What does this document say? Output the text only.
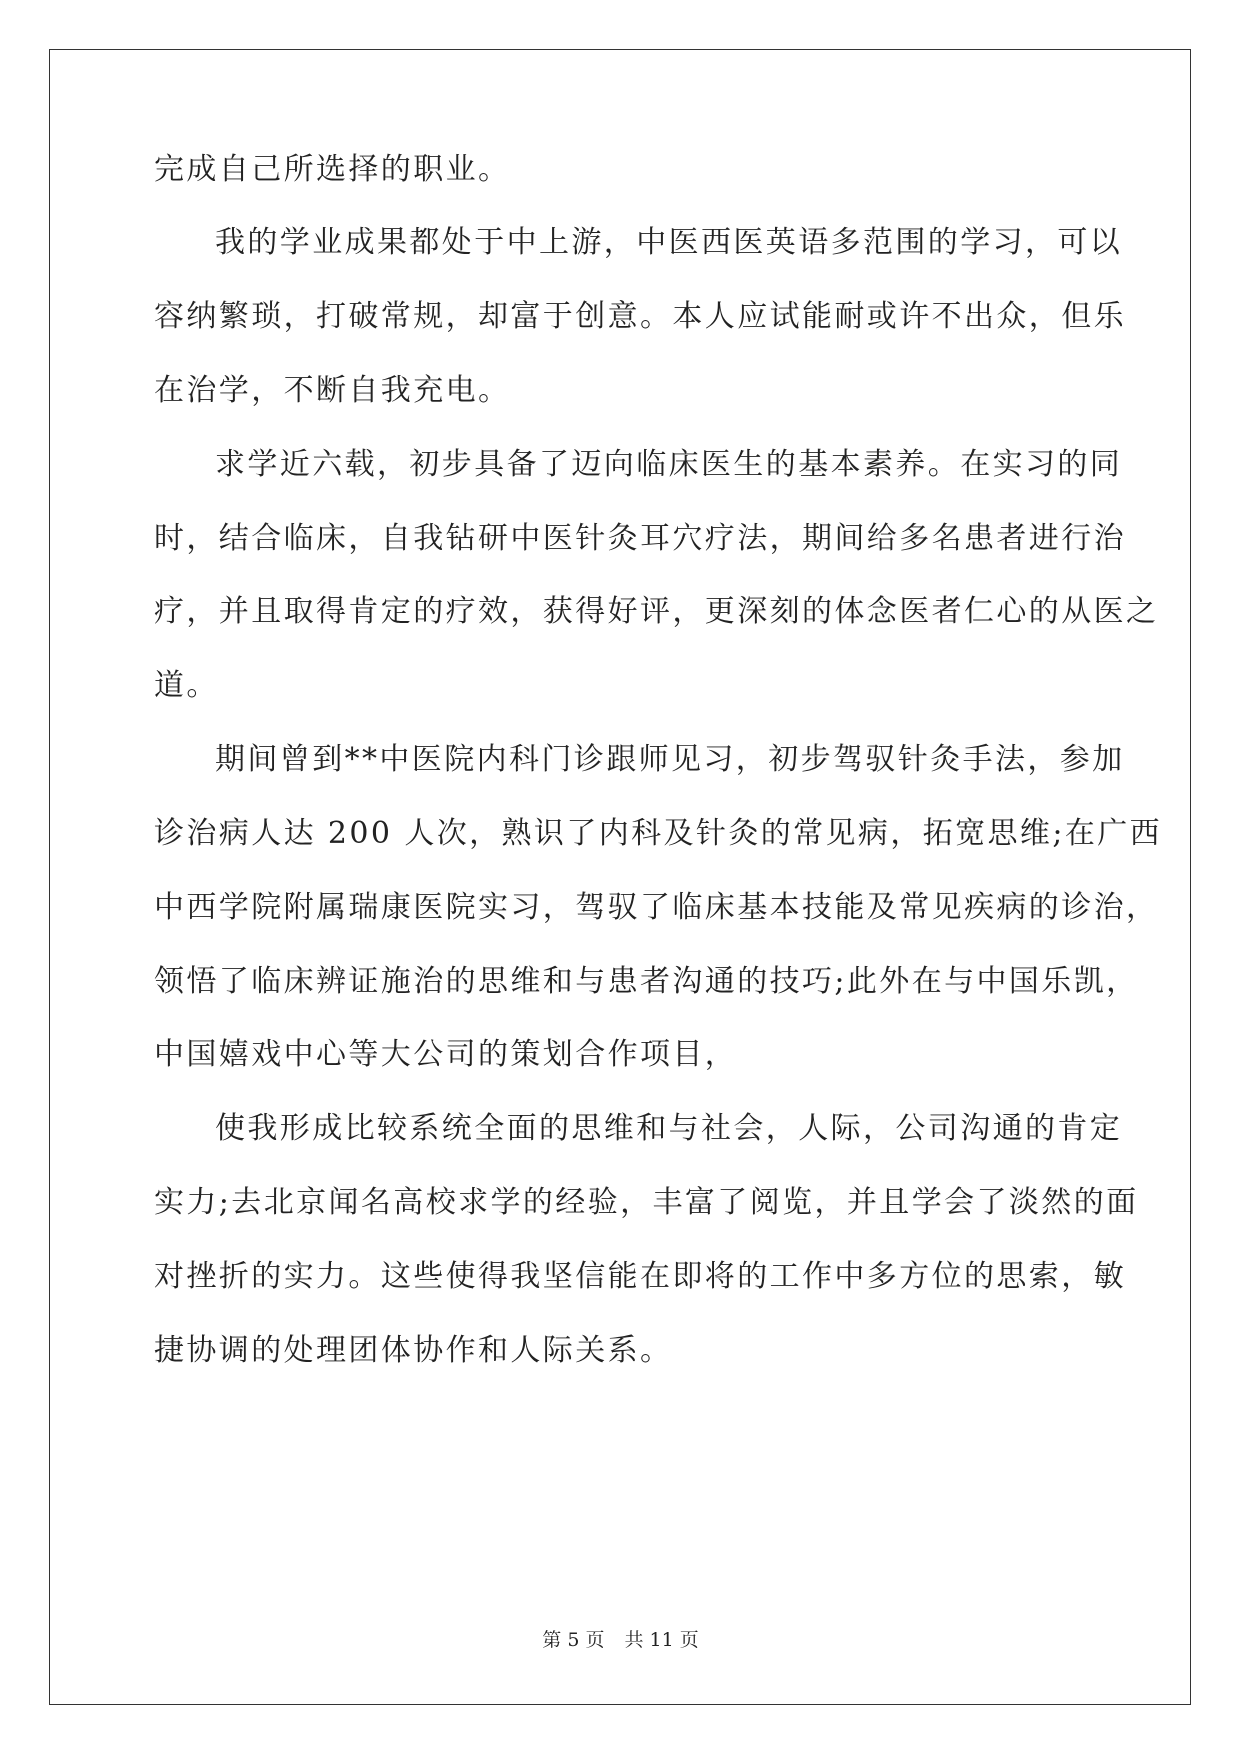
完成自己所选择的职业。
我的学业成果都处于中上游，中医西医英语多范围的学习，可以
容纳繁琐，打破常规，却富于创意。本人应试能耐或许不出众，但乐
在治学，不断自我充电。
求学近六载，初步具备了迈向临床医生的基本素养。在实习的同
时，结合临床，自我钻研中医针灸耳穴疗法，期间给多名患者进行治
疗，并且取得肯定的疗效，获得好评，更深刻的体念医者仁心的从医之
道。
期间曾到**中医院内科门诊跟师见习，初步驾驭针灸手法，参加
诊治病人达 200 人次，熟识了内科及针灸的常见病，拓宽思维;在广西
中西学院附属瑞康医院实习，驾驭了临床基本技能及常见疾病的诊治，
领悟了临床辨证施治的思维和与患者沟通的技巧;此外在与中国乐凯，
中国嬉戏中心等大公司的策划合作项目，
使我形成比较系统全面的思维和与社会，人际，公司沟通的肯定
实力;去北京闻名高校求学的经验，丰富了阅览，并且学会了淡然的面
对挫折的实力。这些使得我坚信能在即将的工作中多方位的思索，敏
捷协调的处理团体协作和人际关系。
第 5 页 共 11 页
